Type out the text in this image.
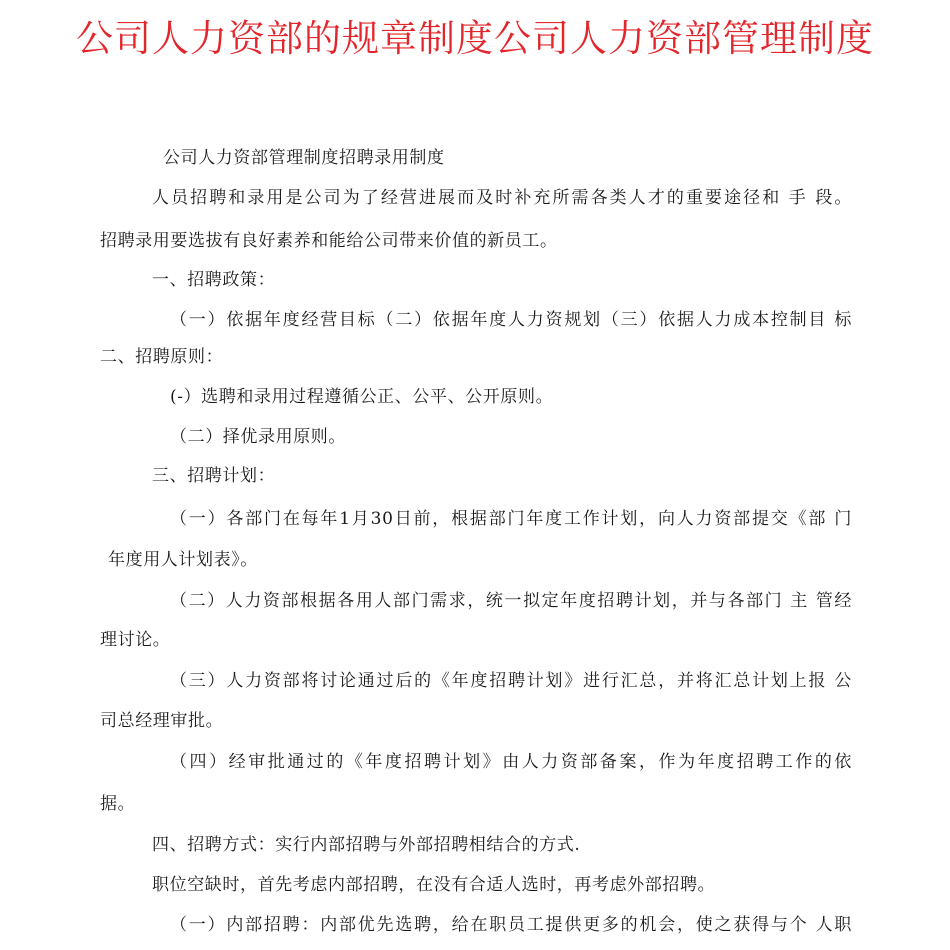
公司人力资部的规章制度公司人力资部管理制度
公司人力资部管理制度招聘录用制度
人员招聘和录用是公司为了经营进展而及时补充所需各类人才的重要途径和 手 段。
招聘录用要选拔有良好素养和能给公司带来价值的新员工。
一、招聘政策：
（一）依据年度经营目标（二）依据年度人力资规划（三）依据人力成本控制目 标
二、招聘原则：
(-）选聘和录用过程遵循公正、公平、公开原则。
（二）择优录用原则。
三、招聘计划：
（一）各部门在每年1月30日前，根据部门年度工作计划，向人力资部提交《部 门
年度用人计划表》。
（二）人力资部根据各用人部门需求，统一拟定年度招聘计划，并与各部门 主 管经
理讨论。
（三）人力资部将讨论通过后的《年度招聘计划》进行汇总，并将汇总计划上报 公
司总经理审批。
（四）经审批通过的《年度招聘计划》由人力资部备案，作为年度招聘工作的依
据。
四、招聘方式：实行内部招聘与外部招聘相结合的方式.
职位空缺时，首先考虑内部招聘，在没有合适人选时，再考虑外部招聘。
（一）内部招聘：内部优先选聘，给在职员工提供更多的机会，使之获得与个 人职
